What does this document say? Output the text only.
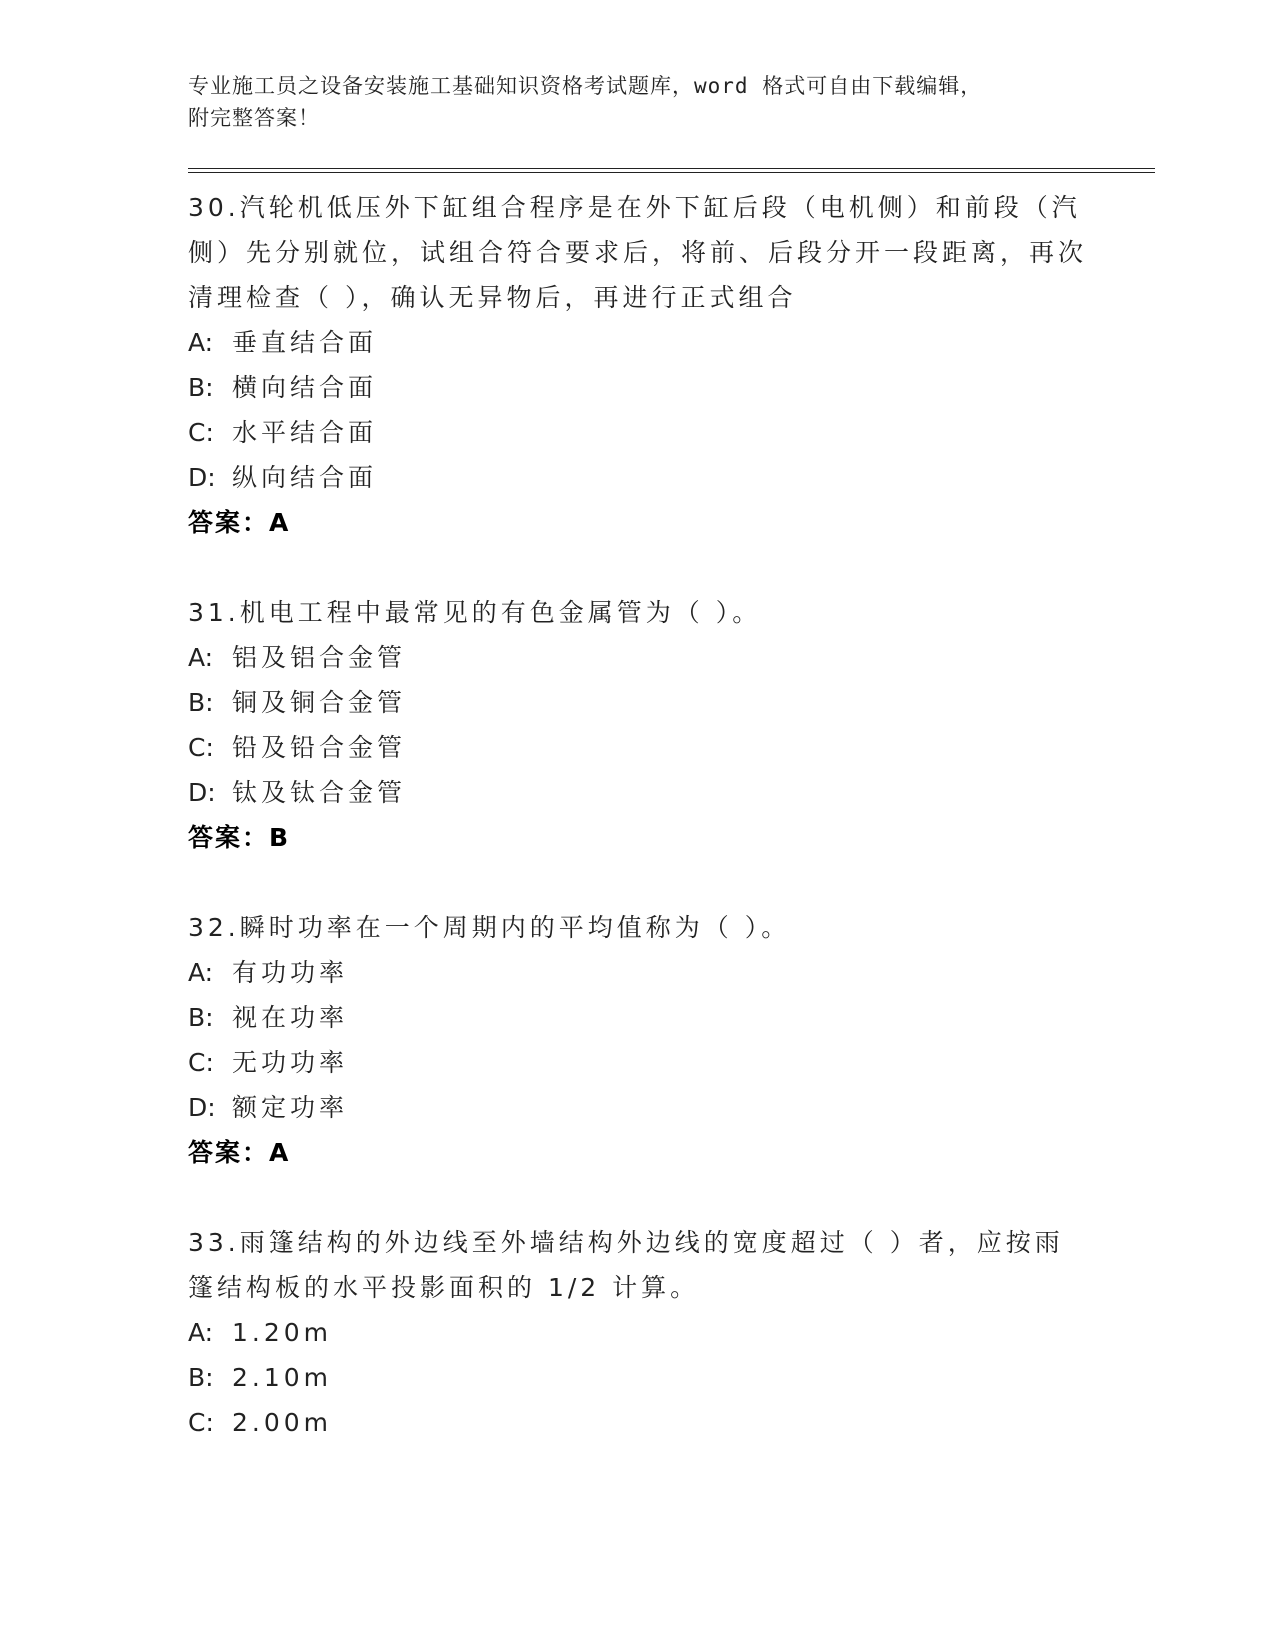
专业施工员之设备安装施工基础知识资格考试题库，word 格式可自由下载编辑，
附完整答案！

30.汽轮机低压外下缸组合程序是在外下缸后段（电机侧）和前段（汽侧）先分别就位，试组合符合要求后，将前、后段分开一段距离，再次清理检查（ ），确认无异物后，再进行正式组合

A: 垂直结合面

B: 横向结合面

C: 水平结合面

D: 纵向结合面

答案：A

31.机电工程中最常见的有色金属管为（ ）。

A: 铝及铝合金管

B: 铜及铜合金管

C: 铅及铅合金管

D: 钛及钛合金管

答案：B

32.瞬时功率在一个周期内的平均值称为（ ）。

A: 有功功率

B: 视在功率

C: 无功功率

D: 额定功率

答案：A

33.雨篷结构的外边线至外墙结构外边线的宽度超过（ ）者，应按雨篷结构板的水平投影面积的 1/2 计算。

A: 1.20m

B: 2.10m

C: 2.00m
